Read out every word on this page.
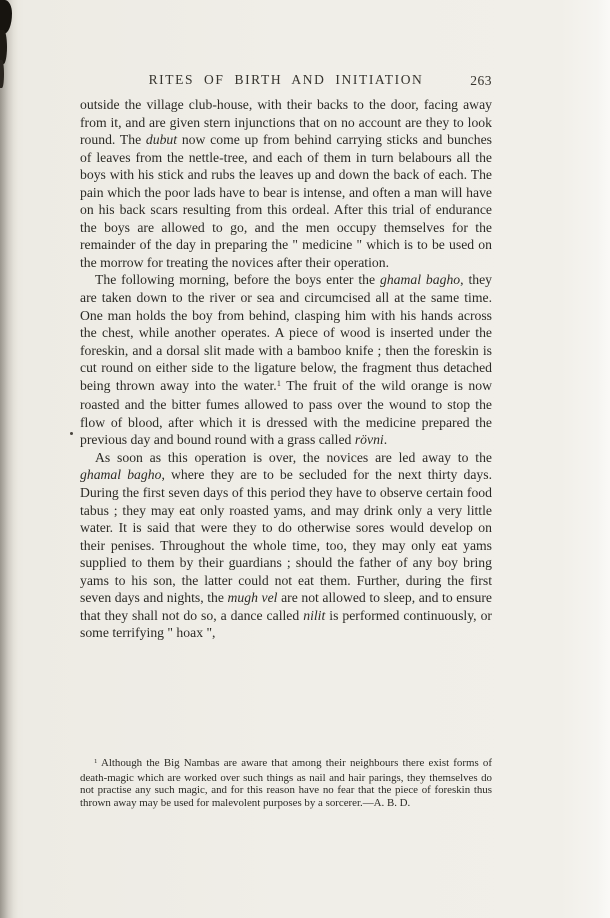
RITES OF BIRTH AND INITIATION	263

outside the village club-house, with their backs to the door, facing away from it, and are given stern injunctions that on no account are they to look round. The dubut now come up from behind carrying sticks and bunches of leaves from the nettle-tree, and each of them in turn belabours all the boys with his stick and rubs the leaves up and down the back of each. The pain which the poor lads have to bear is intense, and often a man will have on his back scars resulting from this ordeal. After this trial of endurance the boys are allowed to go, and the men occupy themselves for the remainder of the day in preparing the " medicine " which is to be used on the morrow for treating the novices after their operation.

The following morning, before the boys enter the ghamal bagho, they are taken down to the river or sea and circumcised all at the same time. One man holds the boy from behind, clasping him with his hands across the chest, while another operates. A piece of wood is inserted under the foreskin, and a dorsal slit made with a bamboo knife ; then the foreskin is cut round on either side to the ligature below, the fragment thus detached being thrown away into the water.$^1$ The fruit of the wild orange is now roasted and the bitter fumes allowed to pass over the wound to stop the flow of blood, after which it is dressed with the medicine prepared the previous day and bound round with a grass called rövni.

As soon as this operation is over, the novices are led away to the ghamal bagho, where they are to be secluded for the next thirty days. During the first seven days of this period they have to observe certain food tabus ; they may eat only roasted yams, and may drink only a very little water. It is said that were they to do otherwise sores would develop on their penises. Throughout the whole time, too, they may only eat yams supplied to them by their guardians ; should the father of any boy bring yams to his son, the latter could not eat them. Further, during the first seven days and nights, the mugh vel are not allowed to sleep, and to ensure that they shall not do so, a dance called nilit is performed continuously, or some terrifying " hoax ",

$^1$ Although the Big Nambas are aware that among their neighbours there exist forms of death-magic which are worked over such things as nail and hair parings, they themselves do not practise any such magic, and for this reason have no fear that the piece of foreskin thus thrown away may be used for malevolent purposes by a sorcerer.—A. B. D.
